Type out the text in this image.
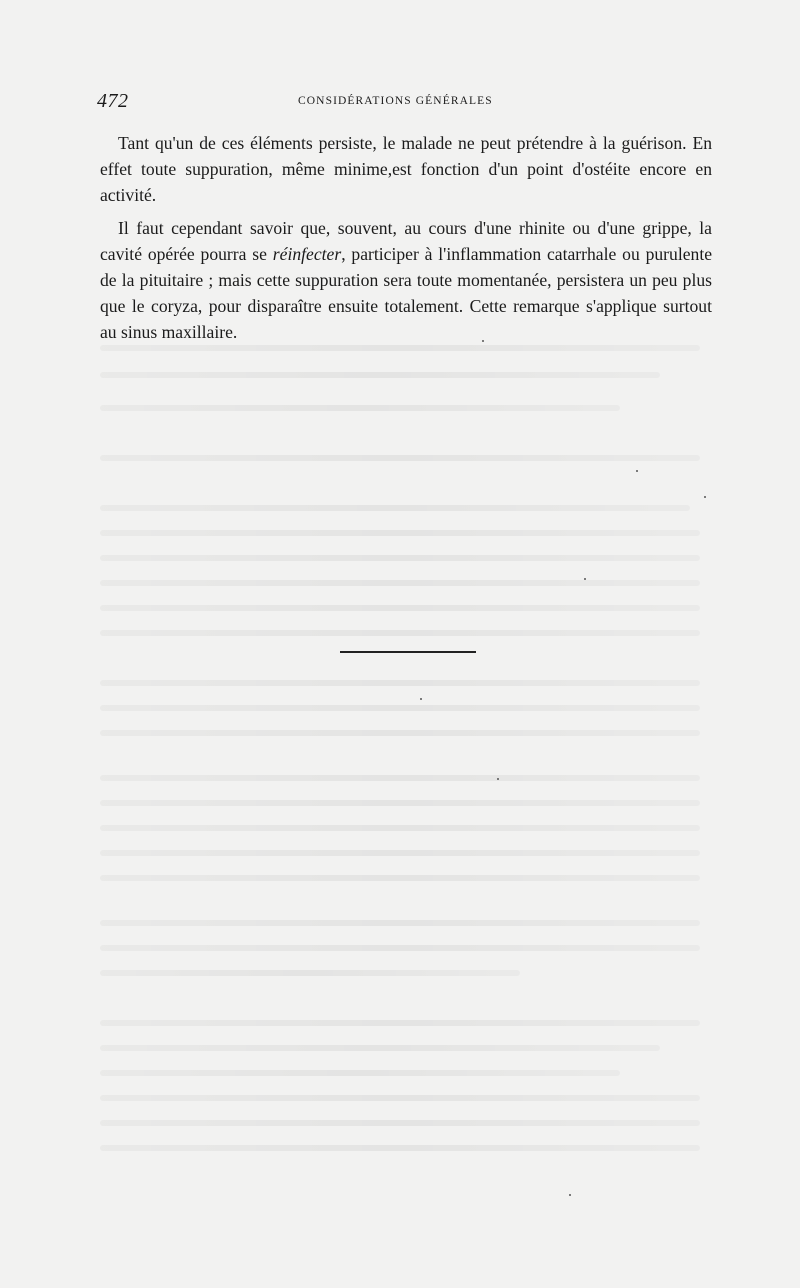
472	CONSIDÉRATIONS GÉNÉRALES

Tant qu'un de ces éléments persiste, le malade ne peut prétendre à la guérison. En effet toute suppuration, même minime,est fonction d'un point d'ostéite encore en activité.

Il faut cependant savoir que, souvent, au cours d'une rhinite ou d'une grippe, la cavité opérée pourra se réinfecter, participer à l'inflammation catarrhale ou purulente de la pituitaire ; mais cette suppuration sera toute momentanée, persistera un peu plus que le coryza, pour disparaître ensuite totalement. Cette remarque s'applique surtout au sinus maxillaire.
